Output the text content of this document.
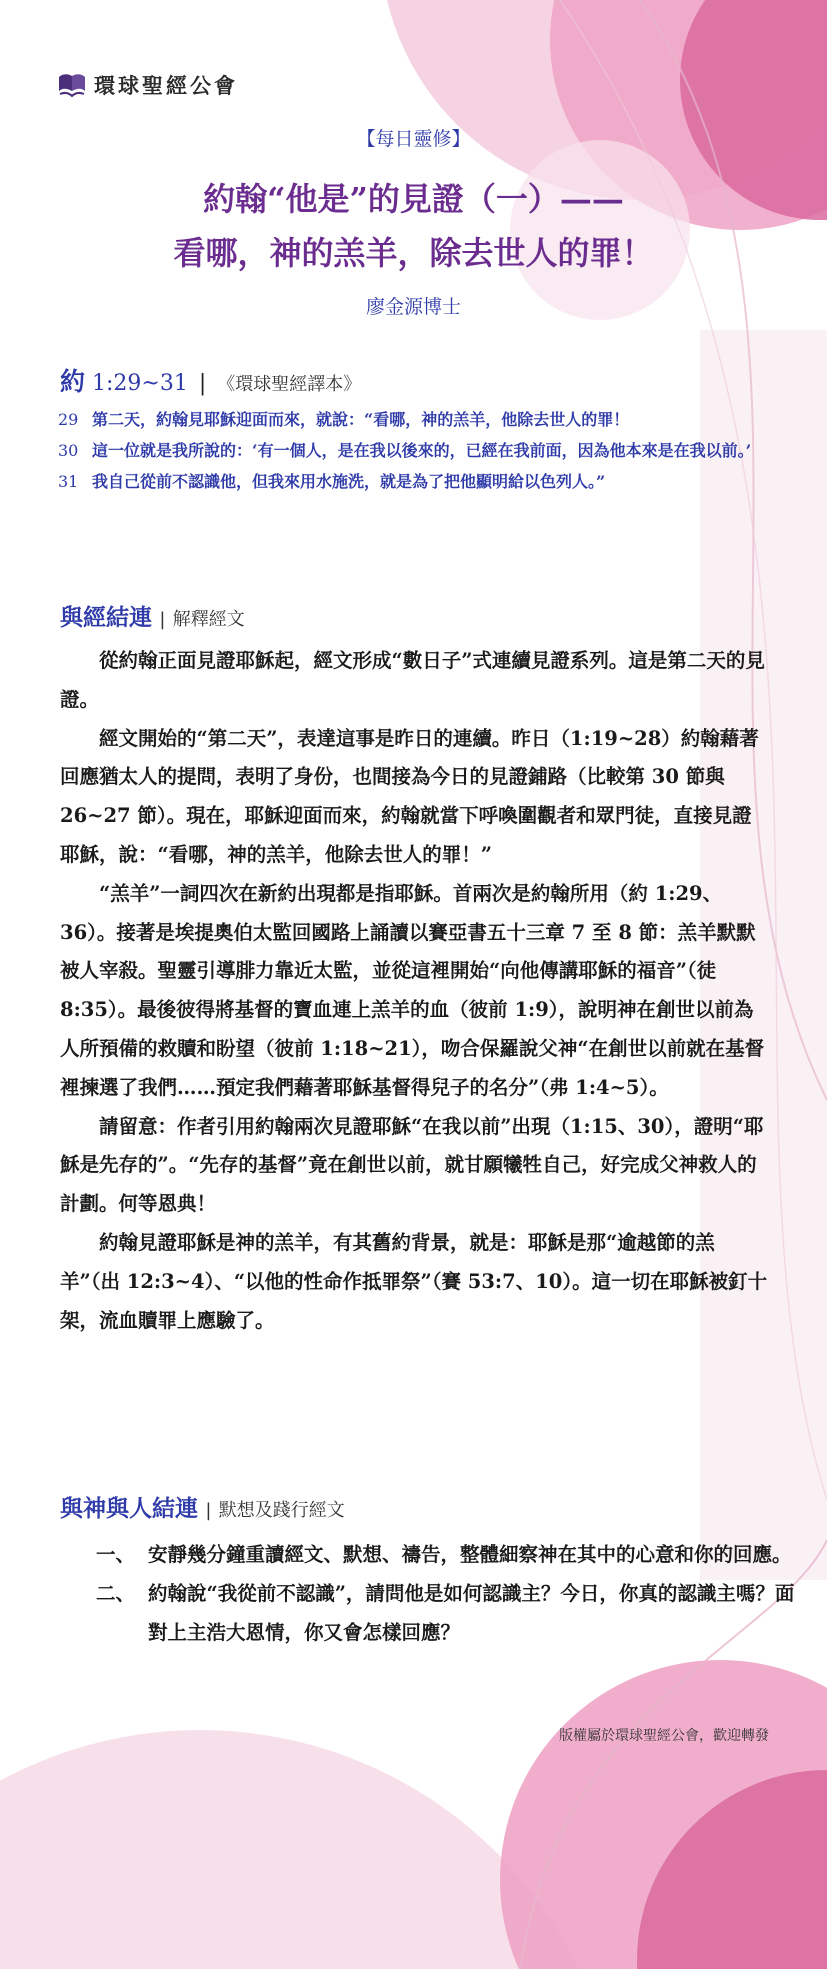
環球聖經公會
【每日靈修】
約翰“他是”的見證（一）——
看哪，神的羔羊，除去世人的罪！
廖金源博士
約 1:29~31 | 《環球聖經譯本》
29 第二天，約翰見耶穌迎面而來，就說：“看哪，神的羔羊，他除去世人的罪！
30 這一位就是我所說的：‘有一個人，是在我以後來的，已經在我前面，因為他本來是在我以前。’
31 我自己從前不認識他，但我來用水施洗，就是為了把他顯明給以色列人。”
與經結連 | 解釋經文

從約翰正面見證耶穌起，經文形成“數日子”式連續見證系列。這是第二天的見證。

經文開始的“第二天”，表達這事是昨日的連續。昨日（1:19~28）約翰藉著回應猶太人的提問，表明了身份，也間接為今日的見證鋪路（比較第 30 節與 26~27 節）。現在，耶穌迎面而來，約翰就當下呼喚圍觀者和眾門徒，直接見證耶穌，說：“看哪，神的羔羊，他除去世人的罪！”

“羔羊”一詞四次在新約出現都是指耶穌。首兩次是約翰所用（約 1:29、36）。接著是埃提奧伯太監回國路上誦讀以賽亞書五十三章 7 至 8 節：羔羊默默被人宰殺。聖靈引導腓力靠近太監，並從這裡開始“向他傳講耶穌的福音”（徒 8:35）。最後彼得將基督的寶血連上羔羊的血（彼前 1:9），說明神在創世以前為人所預備的救贖和盼望（彼前 1:18~21），吻合保羅說父神“在創世以前就在基督裡揀選了我們……預定我們藉著耶穌基督得兒子的名分”（弗 1:4~5）。

請留意：作者引用約翰兩次見證耶穌“在我以前”出現（1:15、30），證明“耶穌是先存的”。“先存的基督”竟在創世以前，就甘願犧牲自己，好完成父神救人的計劃。何等恩典！

約翰見證耶穌是神的羔羊，有其舊約背景，就是：耶穌是那“逾越節的羔羊”（出 12:3~4）、“以他的性命作抵罪祭”（賽 53:7、10）。這一切在耶穌被釘十架，流血贖罪上應驗了。

與神與人結連 | 默想及踐行經文
一、 安靜幾分鐘重讀經文、默想、禱告，整體細察神在其中的心意和你的回應。
二、 約翰說“我從前不認識”，請問他是如何認識主？今日，你真的認識主嗎？面對上主浩大恩情，你又會怎樣回應？
版權屬於環球聖經公會，歡迎轉發
